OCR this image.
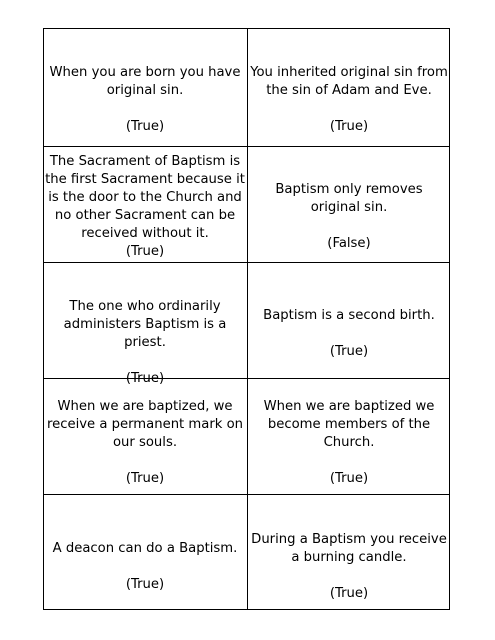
When you are born you have
original sin.
(True)
You inherited original sin from
the sin of Adam and Eve.
(True)
The Sacrament of Baptism is
the first Sacrament because it
is the door to the Church and
no other Sacrament can be
received without it.
(True)
Baptism only removes
original sin.
(False)
The one who ordinarily
administers Baptism is a priest.
(True)
Baptism is a second birth.
(True)
When we are baptized, we
receive a permanent mark on
our souls.
(True)
When we are baptized we
become members of the
Church.
(True)
A deacon can do a Baptism.
(True)
During a Baptism you receive
a burning candle.
(True)
